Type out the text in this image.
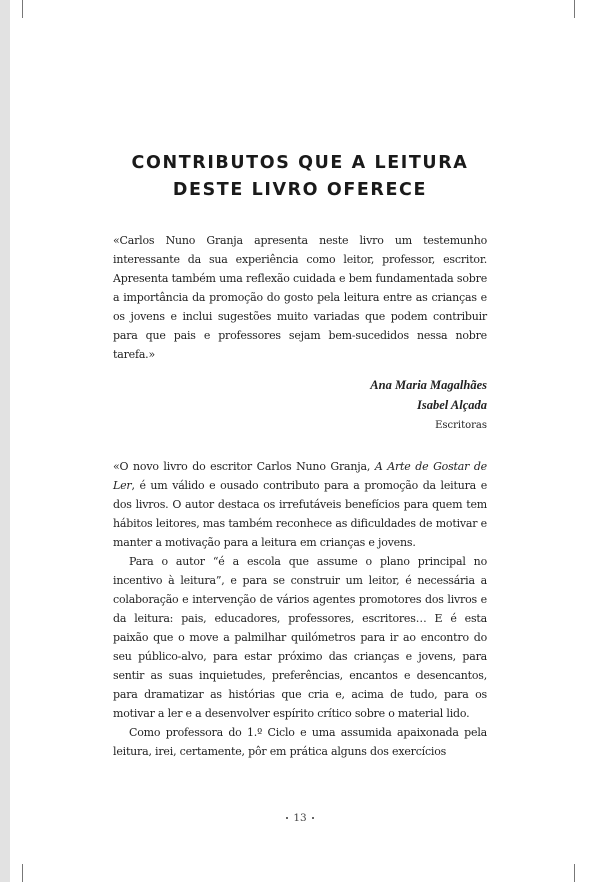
CONTRIBUTOS QUE A LEITURA
DESTE LIVRO OFERECE

«Carlos Nuno Granja apresenta neste livro um testemunho interessante da sua experiência como leitor, professor, escritor. Apresenta também uma reflexão cuidada e bem fundamentada sobre a importância da promoção do gosto pela leitura entre as crianças e os jovens e inclui sugestões muito variadas que podem contribuir para que pais e professores sejam bem-sucedidos nessa nobre tarefa.»

Ana Maria Magalhães
Isabel Alçada
Escritoras

«O novo livro do escritor Carlos Nuno Granja, A Arte de Gostar de Ler, é um válido e ousado contributo para a promoção da leitura e dos livros. O autor destaca os irrefutáveis benefícios para quem tem hábitos leitores, mas também reconhece as dificuldades de motivar e manter a motivação para a leitura em crianças e jovens.

Para o autor “é a escola que assume o plano principal no incentivo à leitura”, e para se construir um leitor, é necessária a colaboração e intervenção de vários agentes promotores dos livros e da leitura: pais, educadores, professores, escritores… E é esta paixão que o move a palmilhar quilómetros para ir ao encontro do seu público-alvo, para estar próximo das crianças e jovens, para sentir as suas inquietudes, preferências, encantos e desencantos, para dramatizar as histórias que cria e, acima de tudo, para os motivar a ler e a desenvolver espírito crítico sobre o material lido.

Como professora do 1.º Ciclo e uma assumida apaixonada pela leitura, irei, certamente, pôr em prática alguns dos exercícios

13
